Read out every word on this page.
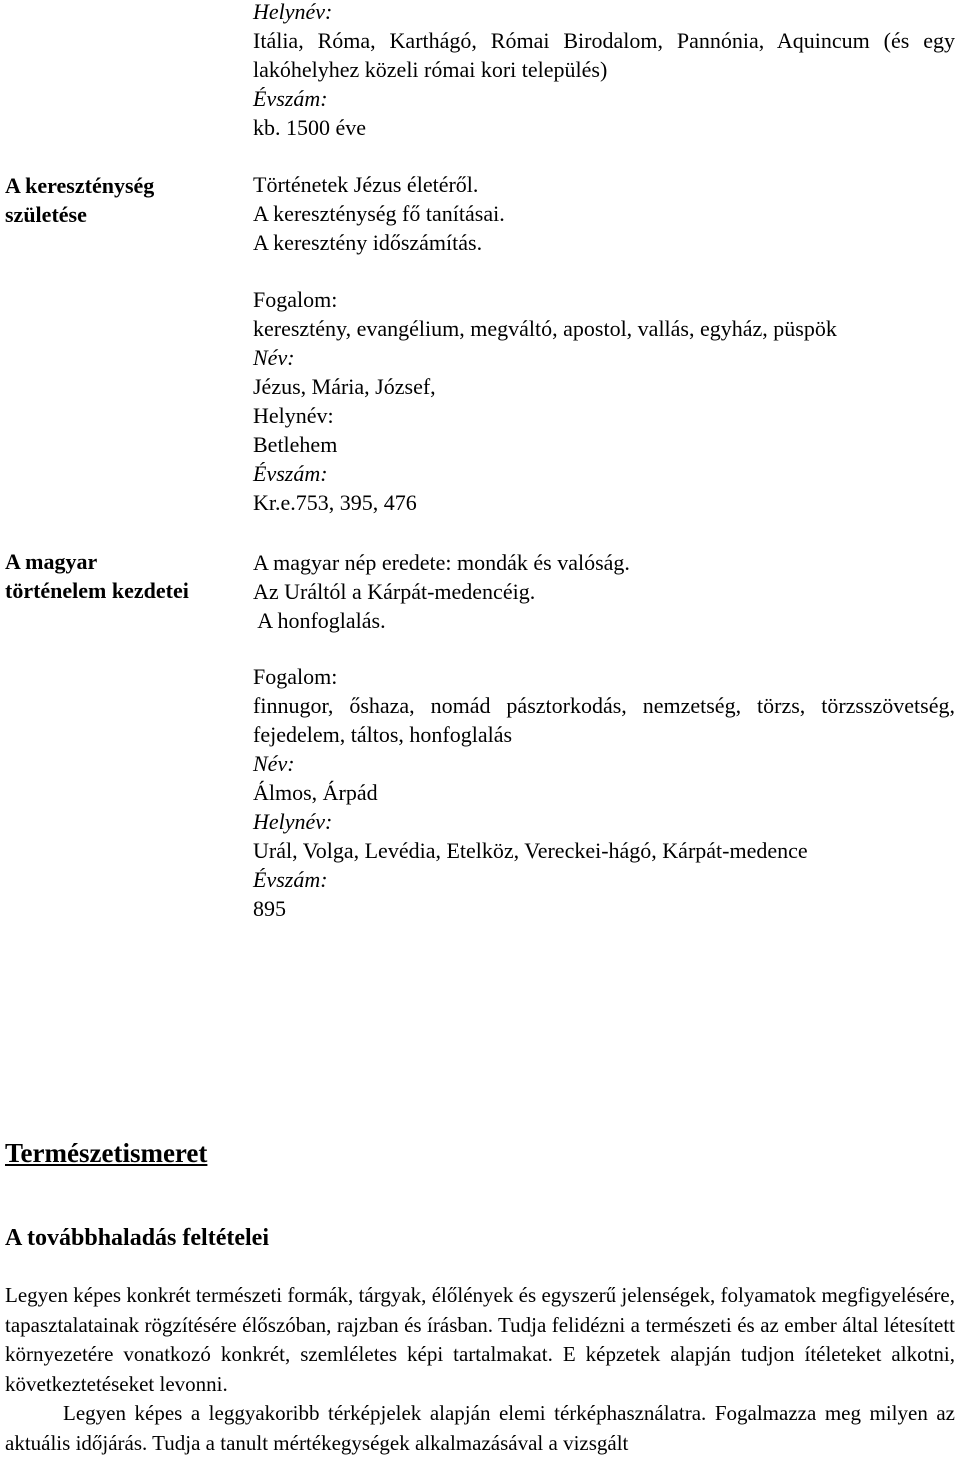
Helynév:
Itália, Róma, Karthágó, Római Birodalom, Pannónia, Aquincum (és egy lakóhelyhez közeli római kori település)
Évszám:
kb. 1500 éve
A kereszténység
születése
Történetek Jézus életéről.
A kereszténység fő tanításai.
A keresztény időszámítás.
Fogalom:
keresztény, evangélium, megváltó, apostol, vallás, egyház, püspök
Név:
Jézus, Mária, József,
Helynév:
Betlehem
Évszám:
Kr.e.753, 395, 476
A magyar
történelem kezdetei
A magyar nép eredete: mondák és valóság.
Az Uráltól a Kárpát-medencéig.
A honfoglalás.
Fogalom:
finnugor, őshaza, nomád pásztorkodás, nemzetség, törzs, törzsszövetség, fejedelem, táltos, honfoglalás
Név:
Álmos, Árpád
Helynév:
Urál, Volga, Levédia, Etelköz, Vereckei-hágó, Kárpát-medence
Évszám:
895
Természetismeret
A továbbhaladás feltételei
Legyen képes konkrét természeti formák, tárgyak, élőlények és egyszerű jelenségek, folyamatok megfigyelésére, tapasztalatainak rögzítésére élőszóban, rajzban és írásban. Tudja felidézni a természeti és az ember által létesített környezetére vonatkozó konkrét, szemléletes képi tartalmakat. E képzetek alapján tudjon ítéleteket alkotni, következtetéseket levonni.
Legyen képes a leggyakoribb térképjelek alapján elemi térképhasználatra. Fogalmazza meg milyen az aktuális időjárás. Tudja a tanult mértékegységek alkalmazásával a vizsgált
